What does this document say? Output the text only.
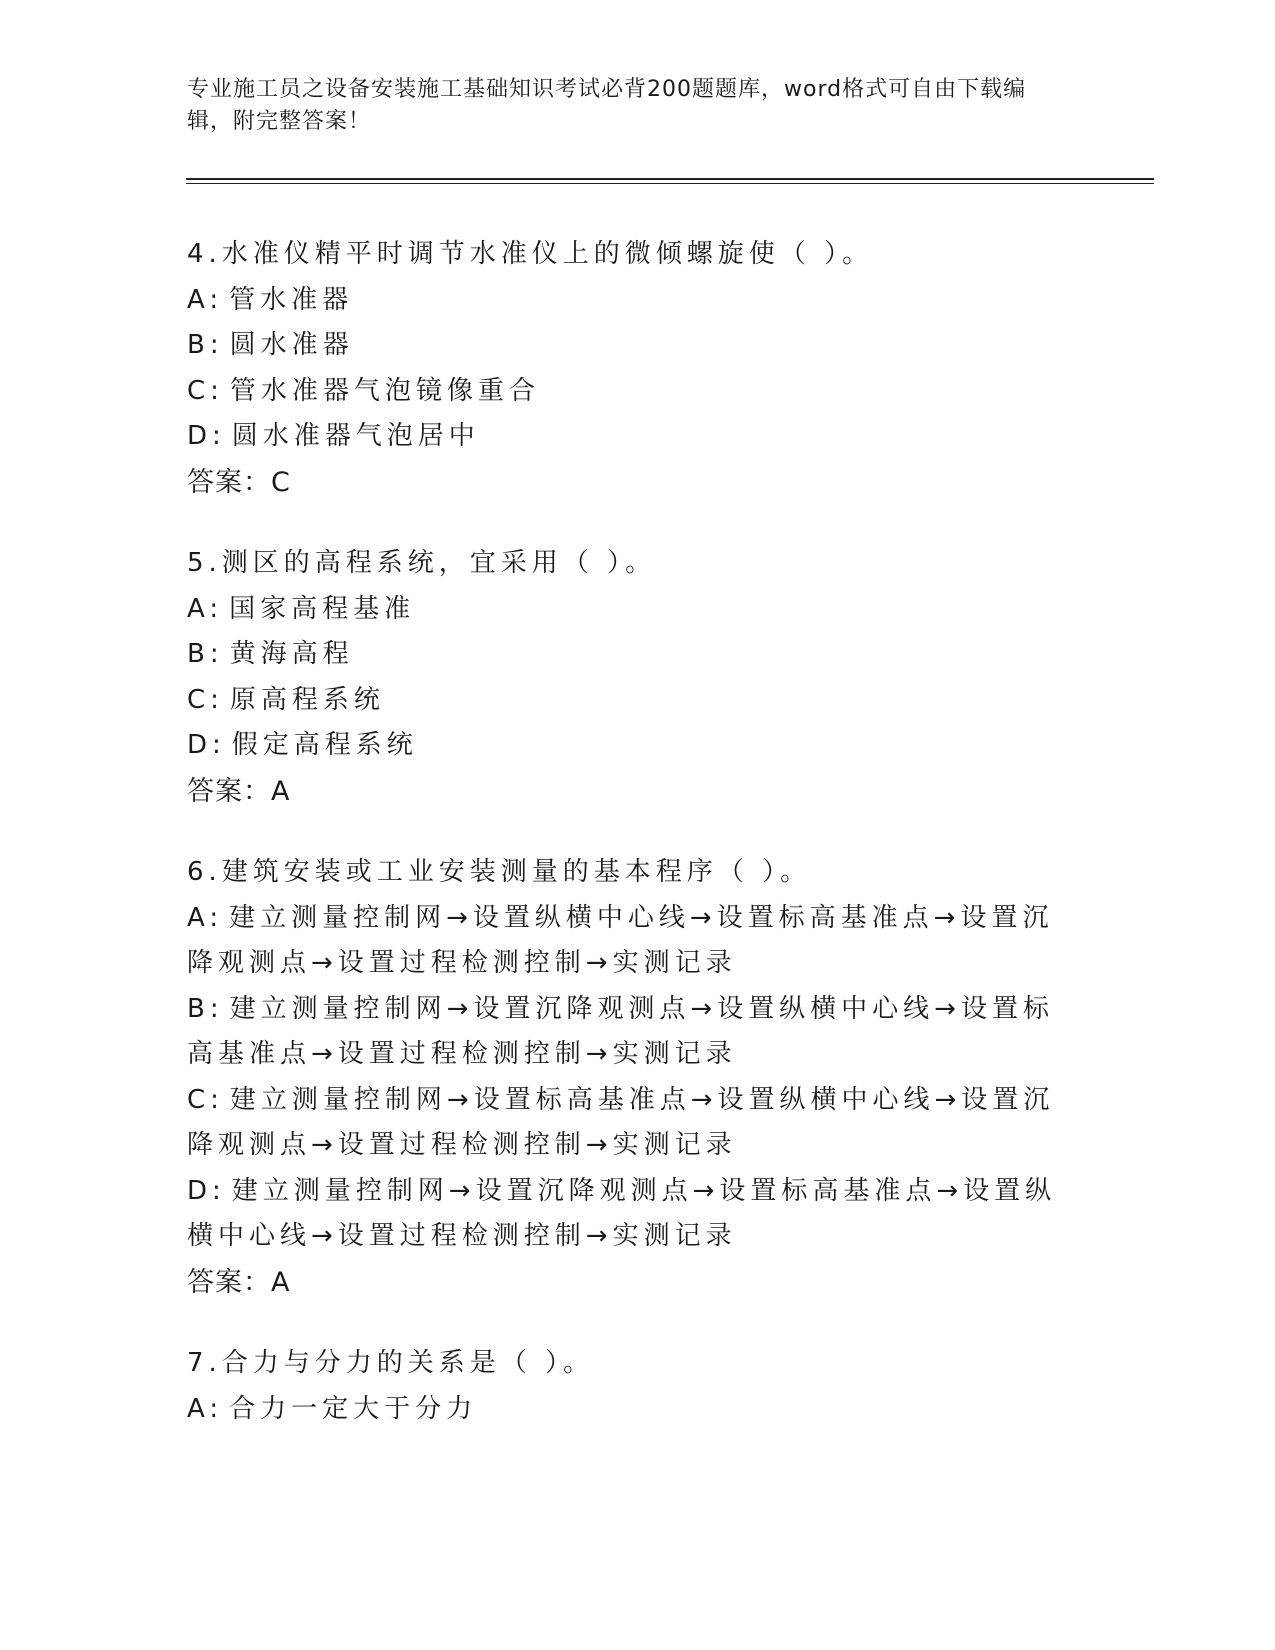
专业施工员之设备安装施工基础知识考试必背200题题库，word格式可自由下载编辑，附完整答案！

4.水准仪精平时调节水准仪上的微倾螺旋使（ ）。

A: 管水准器

B: 圆水准器

C: 管水准器气泡镜像重合

D: 圆水准器气泡居中

答案：C

5.测区的高程系统，宜采用（ ）。

A: 国家高程基准

B: 黄海高程

C: 原高程系统

D: 假定高程系统

答案：A

6.建筑安装或工业安装测量的基本程序（ ）。

A: 建立测量控制网→设置纵横中心线→设置标高基准点→设置沉降观测点→设置过程检测控制→实测记录

B: 建立测量控制网→设置沉降观测点→设置纵横中心线→设置标高基准点→设置过程检测控制→实测记录

C: 建立测量控制网→设置标高基准点→设置纵横中心线→设置沉降观测点→设置过程检测控制→实测记录

D: 建立测量控制网→设置沉降观测点→设置标高基准点→设置纵横中心线→设置过程检测控制→实测记录

答案：A

7.合力与分力的关系是（ ）。

A: 合力一定大于分力
